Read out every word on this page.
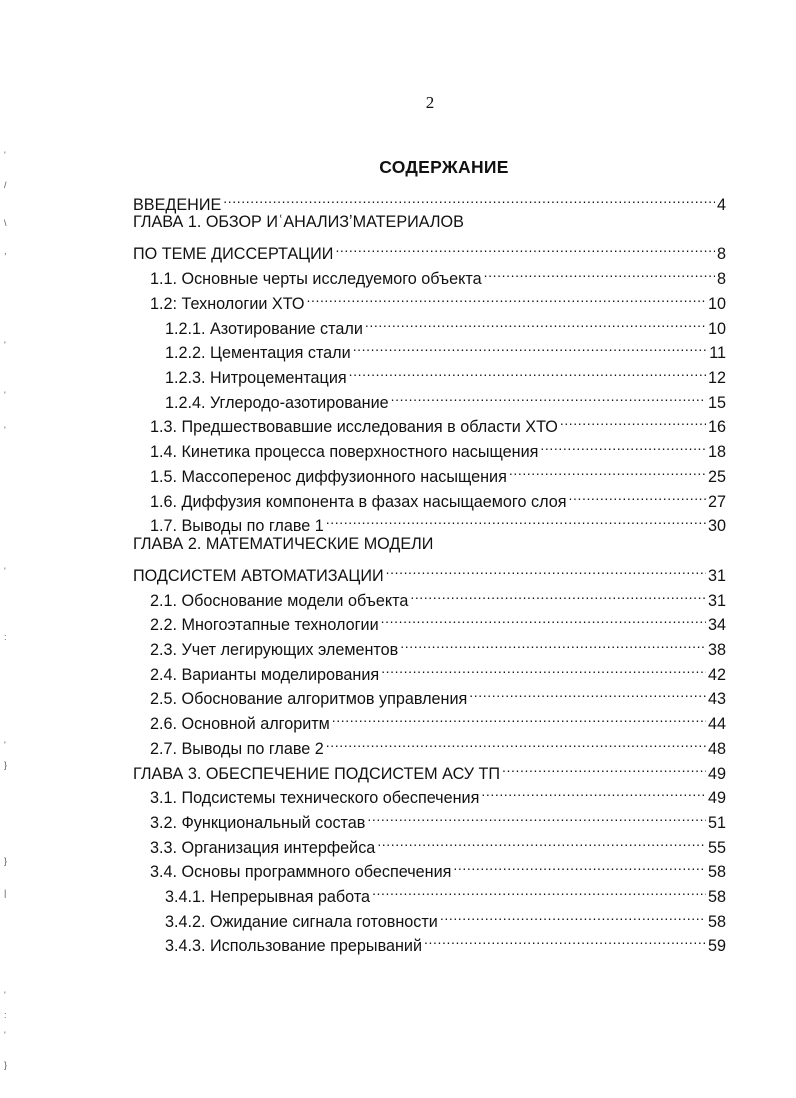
2
СОДЕРЖАНИЕ
ВВЕДЕНИЕ .....	4
ГЛАВА 1. ОБЗОР ИʿАНАЛИЗʼМАТЕРИАЛОВ
ПО ТЕМЕ ДИССЕРТАЦИИ .....	8
1.1. Основные черты исследуемого объекта .....	8
1.2: Технологии ХТО .....	10
1.2.1. Азотирование стали .....	10
1.2.2. Цементация стали .....	11
1.2.3. Нитроцементация .....	12
1.2.4. Углеродо-азотирование .....	15
1.3. Предшествовавшие исследования в области ХТО .....	16
1.4. Кинетика процесса поверхностного насыщения .....	18
1.5. Массоперенос диффузионного насыщения .....	25
1.6. Диффузия компонента в фазах насыщаемого слоя .....	27
1.7. Выводы по главе 1 .....	30
ГЛАВА 2. МАТЕМАТИЧЕСКИЕ МОДЕЛИ
ПОДСИСТЕМ АВТОМАТИЗАЦИИ .....	31
2.1. Обоснование модели объекта .....	31
2.2. Многоэтапные технологии .....	34
2.3. Учет легирующих элементов .....	38
2.4. Варианты моделирования .....	42
2.5. Обоснование алгоритмов управления .....	43
2.6. Основной алгоритм .....	44
2.7. Выводы по главе 2 .....	48
ГЛАВА 3. ОБЕСПЕЧЕНИЕ ПОДСИСТЕМ АСУ ТП .....	49
3.1. Подсистемы технического обеспечения .....	49
3.2. Функциональный состав .....	51
3.3. Организация интерфейса .....	55
3.4. Основы программного обеспечения .....	58
3.4.1. Непрерывная работа .....	58
3.4.2. Ожидание сигнала готовности .....	58
3.4.3. Использование прерываний .....	59
'
/
\
,
'
'
'
'
:
'
}
}
|
'
:
'
}
